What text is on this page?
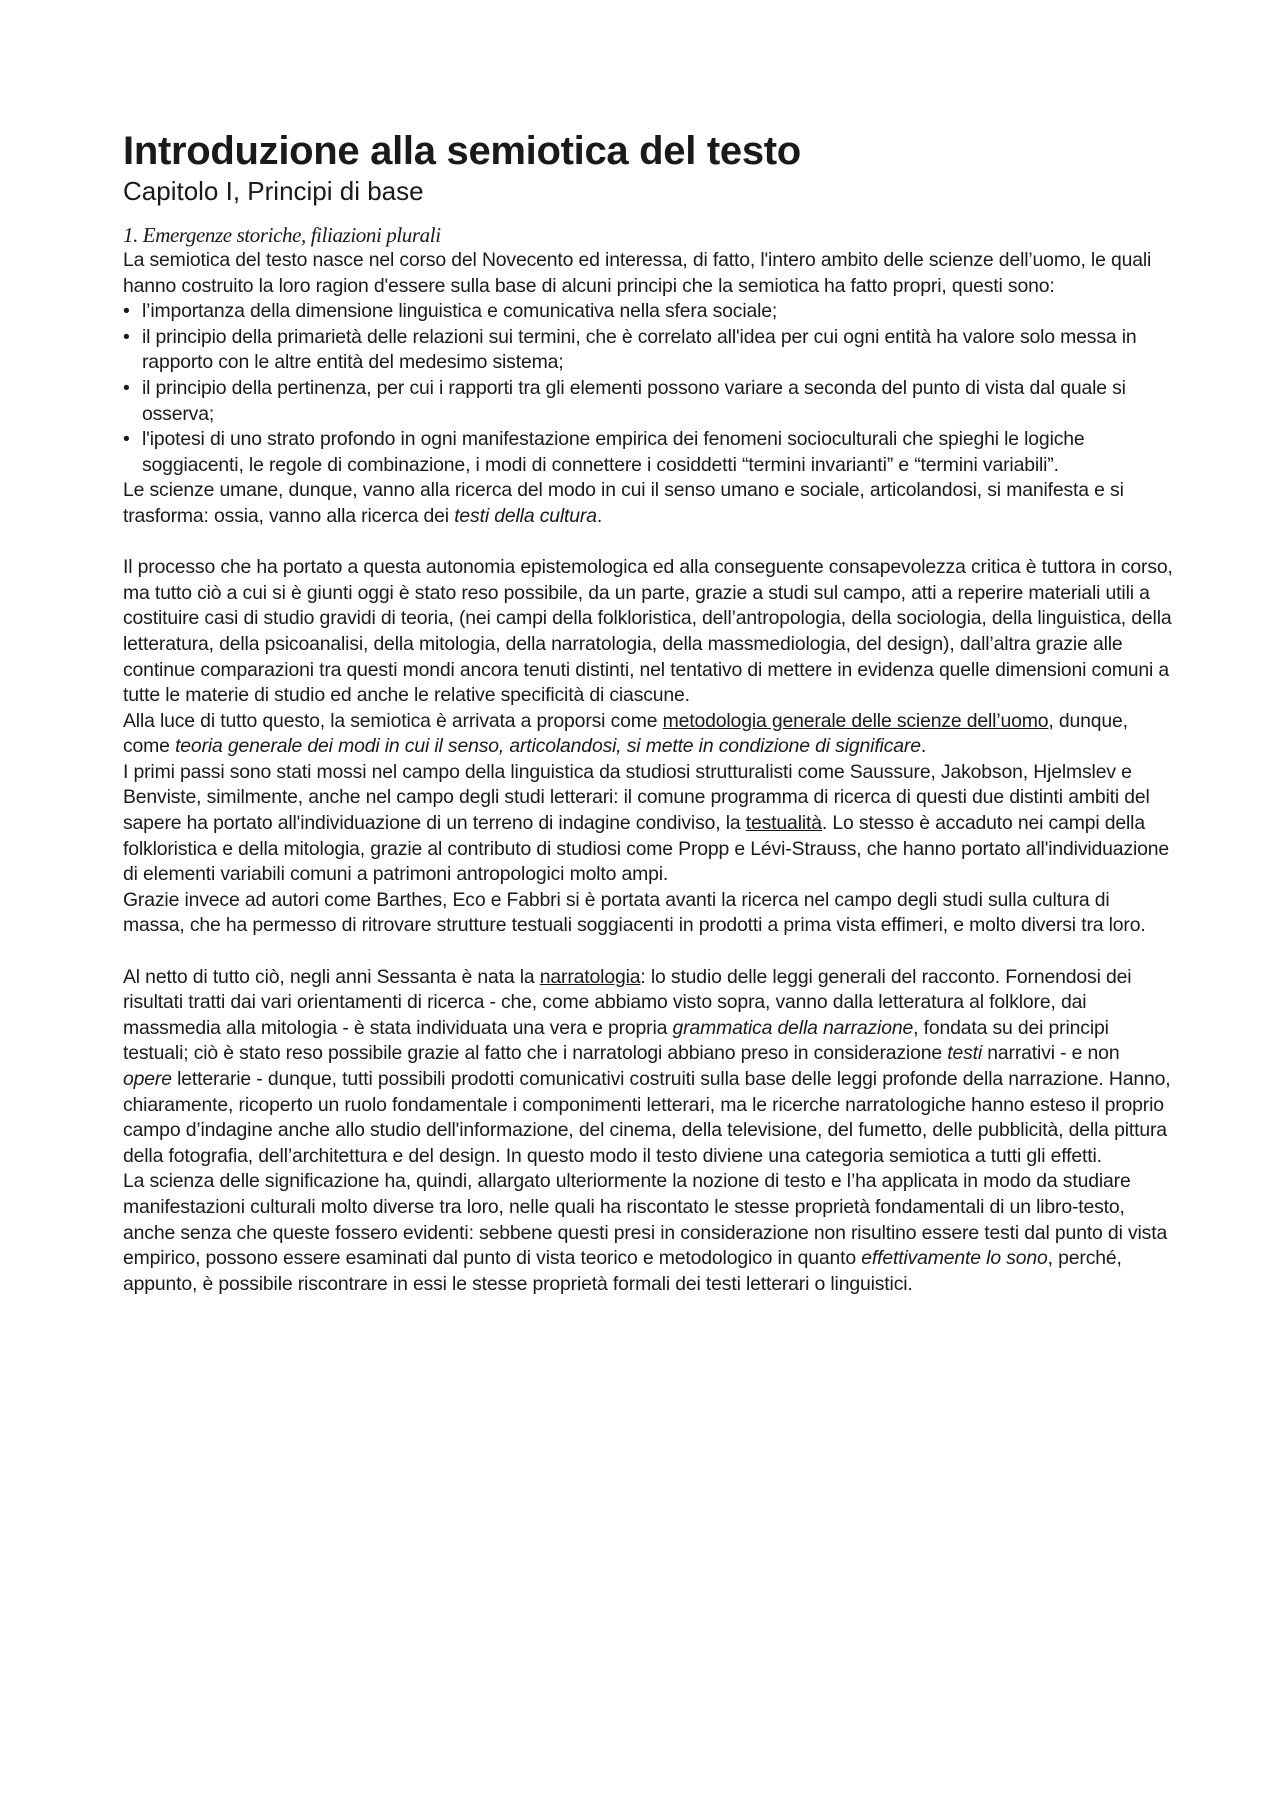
Introduzione alla semiotica del testo
Capitolo I, Principi di base
1. Emergenze storiche, filiazioni plurali

La semiotica del testo nasce nel corso del Novecento ed interessa, di fatto, l'intero ambito delle scienze dell’uomo, le quali hanno costruito la loro ragion d'essere sulla base di alcuni principi che la semiotica ha fatto propri, questi sono:

• l’importanza della dimensione linguistica e comunicativa nella sfera sociale;
• il principio della primarietà delle relazioni sui termini, che è correlato all'idea per cui ogni entità ha valore solo messa in rapporto con le altre entità del medesimo sistema;
• il principio della pertinenza, per cui i rapporti tra gli elementi possono variare a seconda del punto di vista dal quale si osserva;
• l'ipotesi di uno strato profondo in ogni manifestazione empirica dei fenomeni socioculturali che spieghi le logiche soggiacenti, le regole di combinazione, i modi di connettere i cosiddetti “termini invarianti” e “termini variabili”.

Le scienze umane, dunque, vanno alla ricerca del modo in cui il senso umano e sociale, articolandosi, si manifesta e si trasforma: ossia, vanno alla ricerca dei testi della cultura.

Il processo che ha portato a questa autonomia epistemologica ed alla conseguente consapevolezza critica è tuttora in corso, ma tutto ciò a cui si è giunti oggi è stato reso possibile, da un parte, grazie a studi sul campo, atti a reperire materiali utili a costituire casi di studio gravidi di teoria, (nei campi della folkloristica, dell’antropologia, della sociologia, della linguistica, della letteratura, della psicoanalisi, della mitologia, della narratologia, della massmediologia, del design), dall’altra grazie alle continue comparazioni tra questi mondi ancora tenuti distinti, nel tentativo di mettere in evidenza quelle dimensioni comuni a tutte le materie di studio ed anche le relative specificità di ciascune.

Alla luce di tutto questo, la semiotica è arrivata a proporsi come metodologia generale delle scienze dell’uomo, dunque, come teoria generale dei modi in cui il senso, articolandosi, si mette in condizione di significare.

I primi passi sono stati mossi nel campo della linguistica da studiosi strutturalisti come Saussure, Jakobson, Hjelmslev e Benviste, similmente, anche nel campo degli studi letterari: il comune programma di ricerca di questi due distinti ambiti del sapere ha portato all'individuazione di un terreno di indagine condiviso, la testualità. Lo stesso è accaduto nei campi della folkloristica e della mitologia, grazie al contributo di studiosi come Propp e Lévi-Strauss, che hanno portato all'individuazione di elementi variabili comuni a patrimoni antropologici molto ampi.

Grazie invece ad autori come Barthes, Eco e Fabbri si è portata avanti la ricerca nel campo degli studi sulla cultura di massa, che ha permesso di ritrovare strutture testuali soggiacenti in prodotti a prima vista effimeri, e molto diversi tra loro.

Al netto di tutto ciò, negli anni Sessanta è nata la narratologia: lo studio delle leggi generali del racconto. Fornendosi dei risultati tratti dai vari orientamenti di ricerca - che, come abbiamo visto sopra, vanno dalla letteratura al folklore, dai massmedia alla mitologia - è stata individuata una vera e propria grammatica della narrazione, fondata su dei principi testuali; ciò è stato reso possibile grazie al fatto che i narratologi abbiano preso in considerazione testi narrativi - e non opere letterarie - dunque, tutti possibili prodotti comunicativi costruiti sulla base delle leggi profonde della narrazione. Hanno, chiaramente, ricoperto un ruolo fondamentale i componimenti letterari, ma le ricerche narratologiche hanno esteso il proprio campo d’indagine anche allo studio dell'informazione, del cinema, della televisione, del fumetto, delle pubblicità, della pittura della fotografia, dell’architettura e del design. In questo modo il testo diviene una categoria semiotica a tutti gli effetti.

La scienza delle significazione ha, quindi, allargato ulteriormente la nozione di testo e l’ha applicata in modo da studiare manifestazioni culturali molto diverse tra loro, nelle quali ha riscontato le stesse proprietà fondamentali di un libro-testo, anche senza che queste fossero evidenti: sebbene questi presi in considerazione non risultino essere testi dal punto di vista empirico, possono essere esaminati dal punto di vista teorico e metodologico in quanto effettivamente lo sono, perché, appunto, è possibile riscontrare in essi le stesse proprietà formali dei testi letterari o linguistici.
